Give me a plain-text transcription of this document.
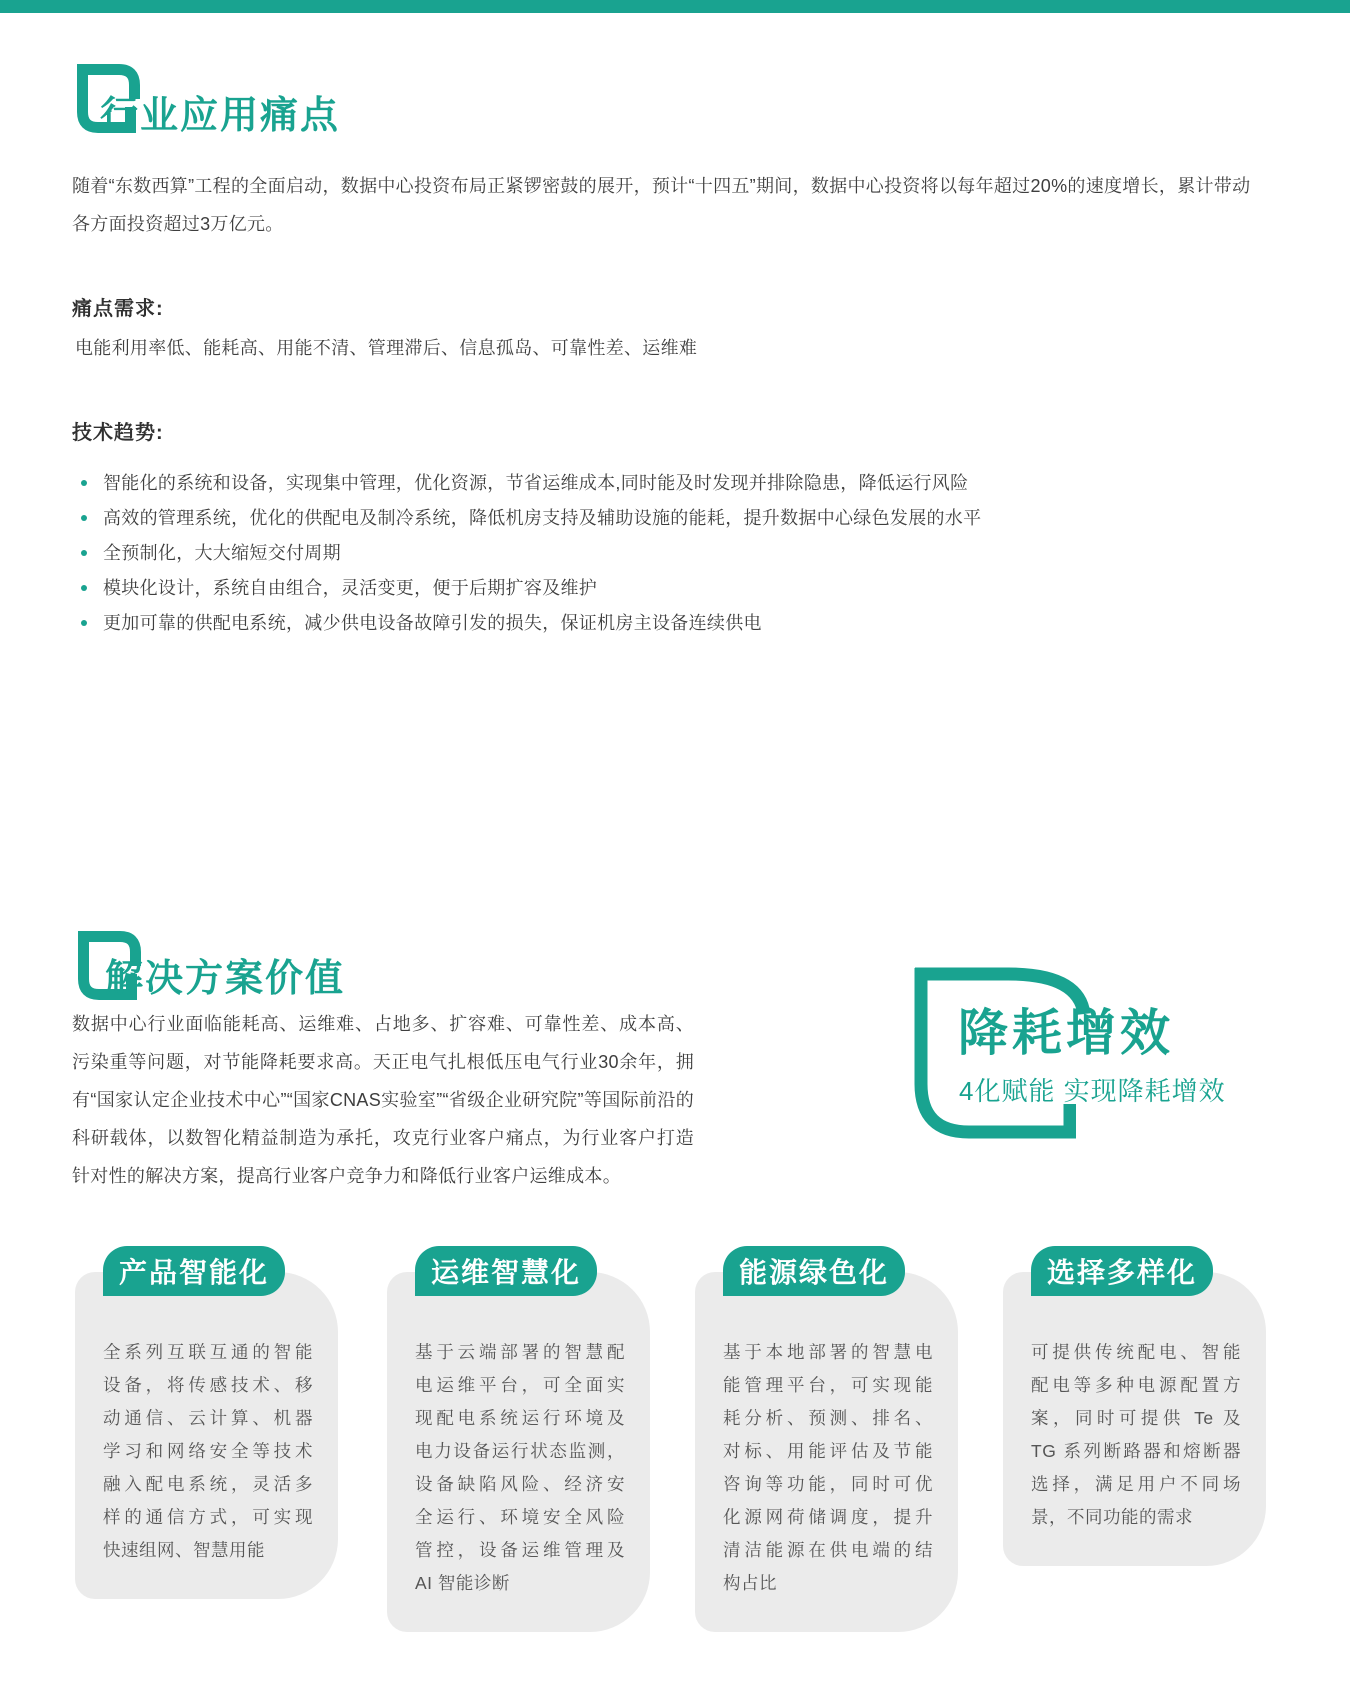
行业应用痛点

随着“东数西算”工程的全面启动，数据中心投资布局正紧锣密鼓的展开，预计“十四五”期间，数据中心投资将以每年超过20%的速度增长，累计带动各方面投资超过3万亿元。

痛点需求:
电能利用率低、能耗高、用能不清、管理滞后、信息孤岛、可靠性差、运维难
技术趋势:
智能化的系统和设备，实现集中管理，优化资源，节省运维成本,同时能及时发现并排除隐患，降低运行风险
高效的管理系统，优化的供配电及制冷系统，降低机房支持及辅助设施的能耗，提升数据中心绿色发展的水平
全预制化，大大缩短交付周期
模块化设计，系统自由组合，灵活变更，便于后期扩容及维护
更加可靠的供配电系统，减少供电设备故障引发的损失，保证机房主设备连续供电
解决方案价值

数据中心行业面临能耗高、运维难、占地多、扩容难、可靠性差、成本高、污染重等问题，对节能降耗要求高。天正电气扎根低压电气行业30余年，拥有“国家认定企业技术中心”“国家CNAS实验室”“省级企业研究院”等国际前沿的科研载体，以数智化精益制造为承托，攻克行业客户痛点，为行业客户打造针对性的解决方案，提高行业客户竞争力和降低行业客户运维成本。

降耗增效
4化赋能 实现降耗增效
产品智能化
全系列互联互通的智能
设备，将传感技术、移
动通信、云计算、机器
学习和网络安全等技术
融入配电系统，灵活多
样的通信方式，可实现
快速组网、智慧用能
运维智慧化
基于云端部署的智慧配
电运维平台，可全面实
现配电系统运行环境及
电力设备运行状态监测，
设备缺陷风险、经济安
全运行、环境安全风险
管控，设备运维管理及
AI 智能诊断
能源绿色化
基于本地部署的智慧电
能管理平台，可实现能
耗分析、预测、排名、
对标、用能评估及节能
咨询等功能，同时可优
化源网荷储调度，提升
清洁能源在供电端的结
构占比
选择多样化
可提供传统配电、智能
配电等多种电源配置方
案，同时可提供 Te 及
TG 系列断路器和熔断器
选择，满足用户不同场
景，不同功能的需求
